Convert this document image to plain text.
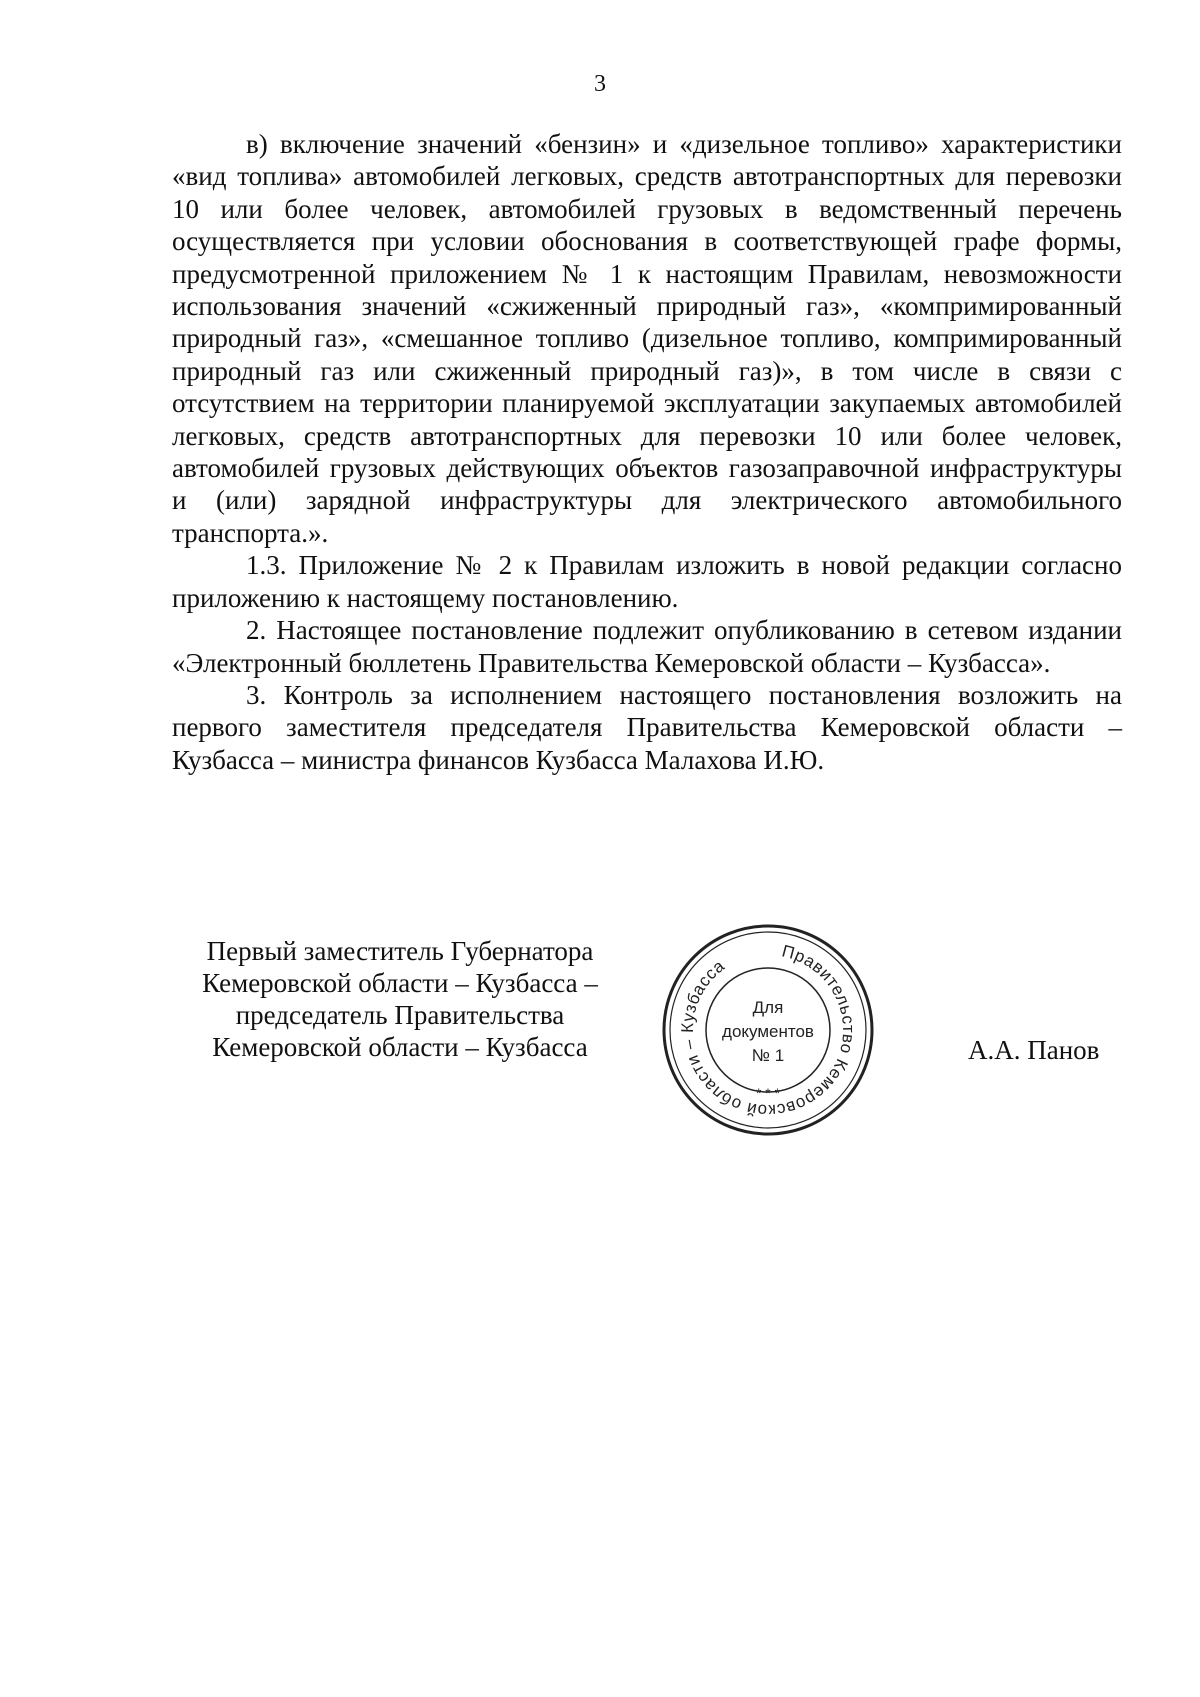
3

в) включение значений «бензин» и «дизельное топливо» характеристики «вид топлива» автомобилей легковых, средств автотранспортных для перевозки 10 или более человек, автомобилей грузовых в ведомственный перечень осуществляется при условии обоснования в соответствующей графе формы, предусмотренной приложением № 1 к настоящим Правилам, невозможности использования значений «сжиженный природный газ», «компримированный природный газ», «смешанное топливо (дизельное топливо, компримированный природный газ или сжиженный природный газ)», в том числе в связи с отсутствием на территории планируемой эксплуатации закупаемых автомобилей легковых, средств автотранспортных для перевозки 10 или более человек, автомобилей грузовых действующих объектов газозаправочной инфраструктуры и (или) зарядной инфраструктуры для электрического автомобильного транспорта.».

1.3. Приложение № 2 к Правилам изложить в новой редакции согласно приложению к настоящему постановлению.

2. Настоящее постановление подлежит опубликованию в сетевом издании «Электронный бюллетень Правительства Кемеровской области – Кузбасса».

3. Контроль за исполнением настоящего постановления возложить на первого заместителя председателя Правительства Кемеровской области – Кузбасса – министра финансов Кузбасса Малахова И.Ю.

Первый заместитель Губернатора
Кемеровской области – Кузбасса –
председатель Правительства
Кемеровской области – Кузбасса
Правительство Кемеровской области – Кузбасса
* * *
Для
документов
№ 1	А.А. Панов
